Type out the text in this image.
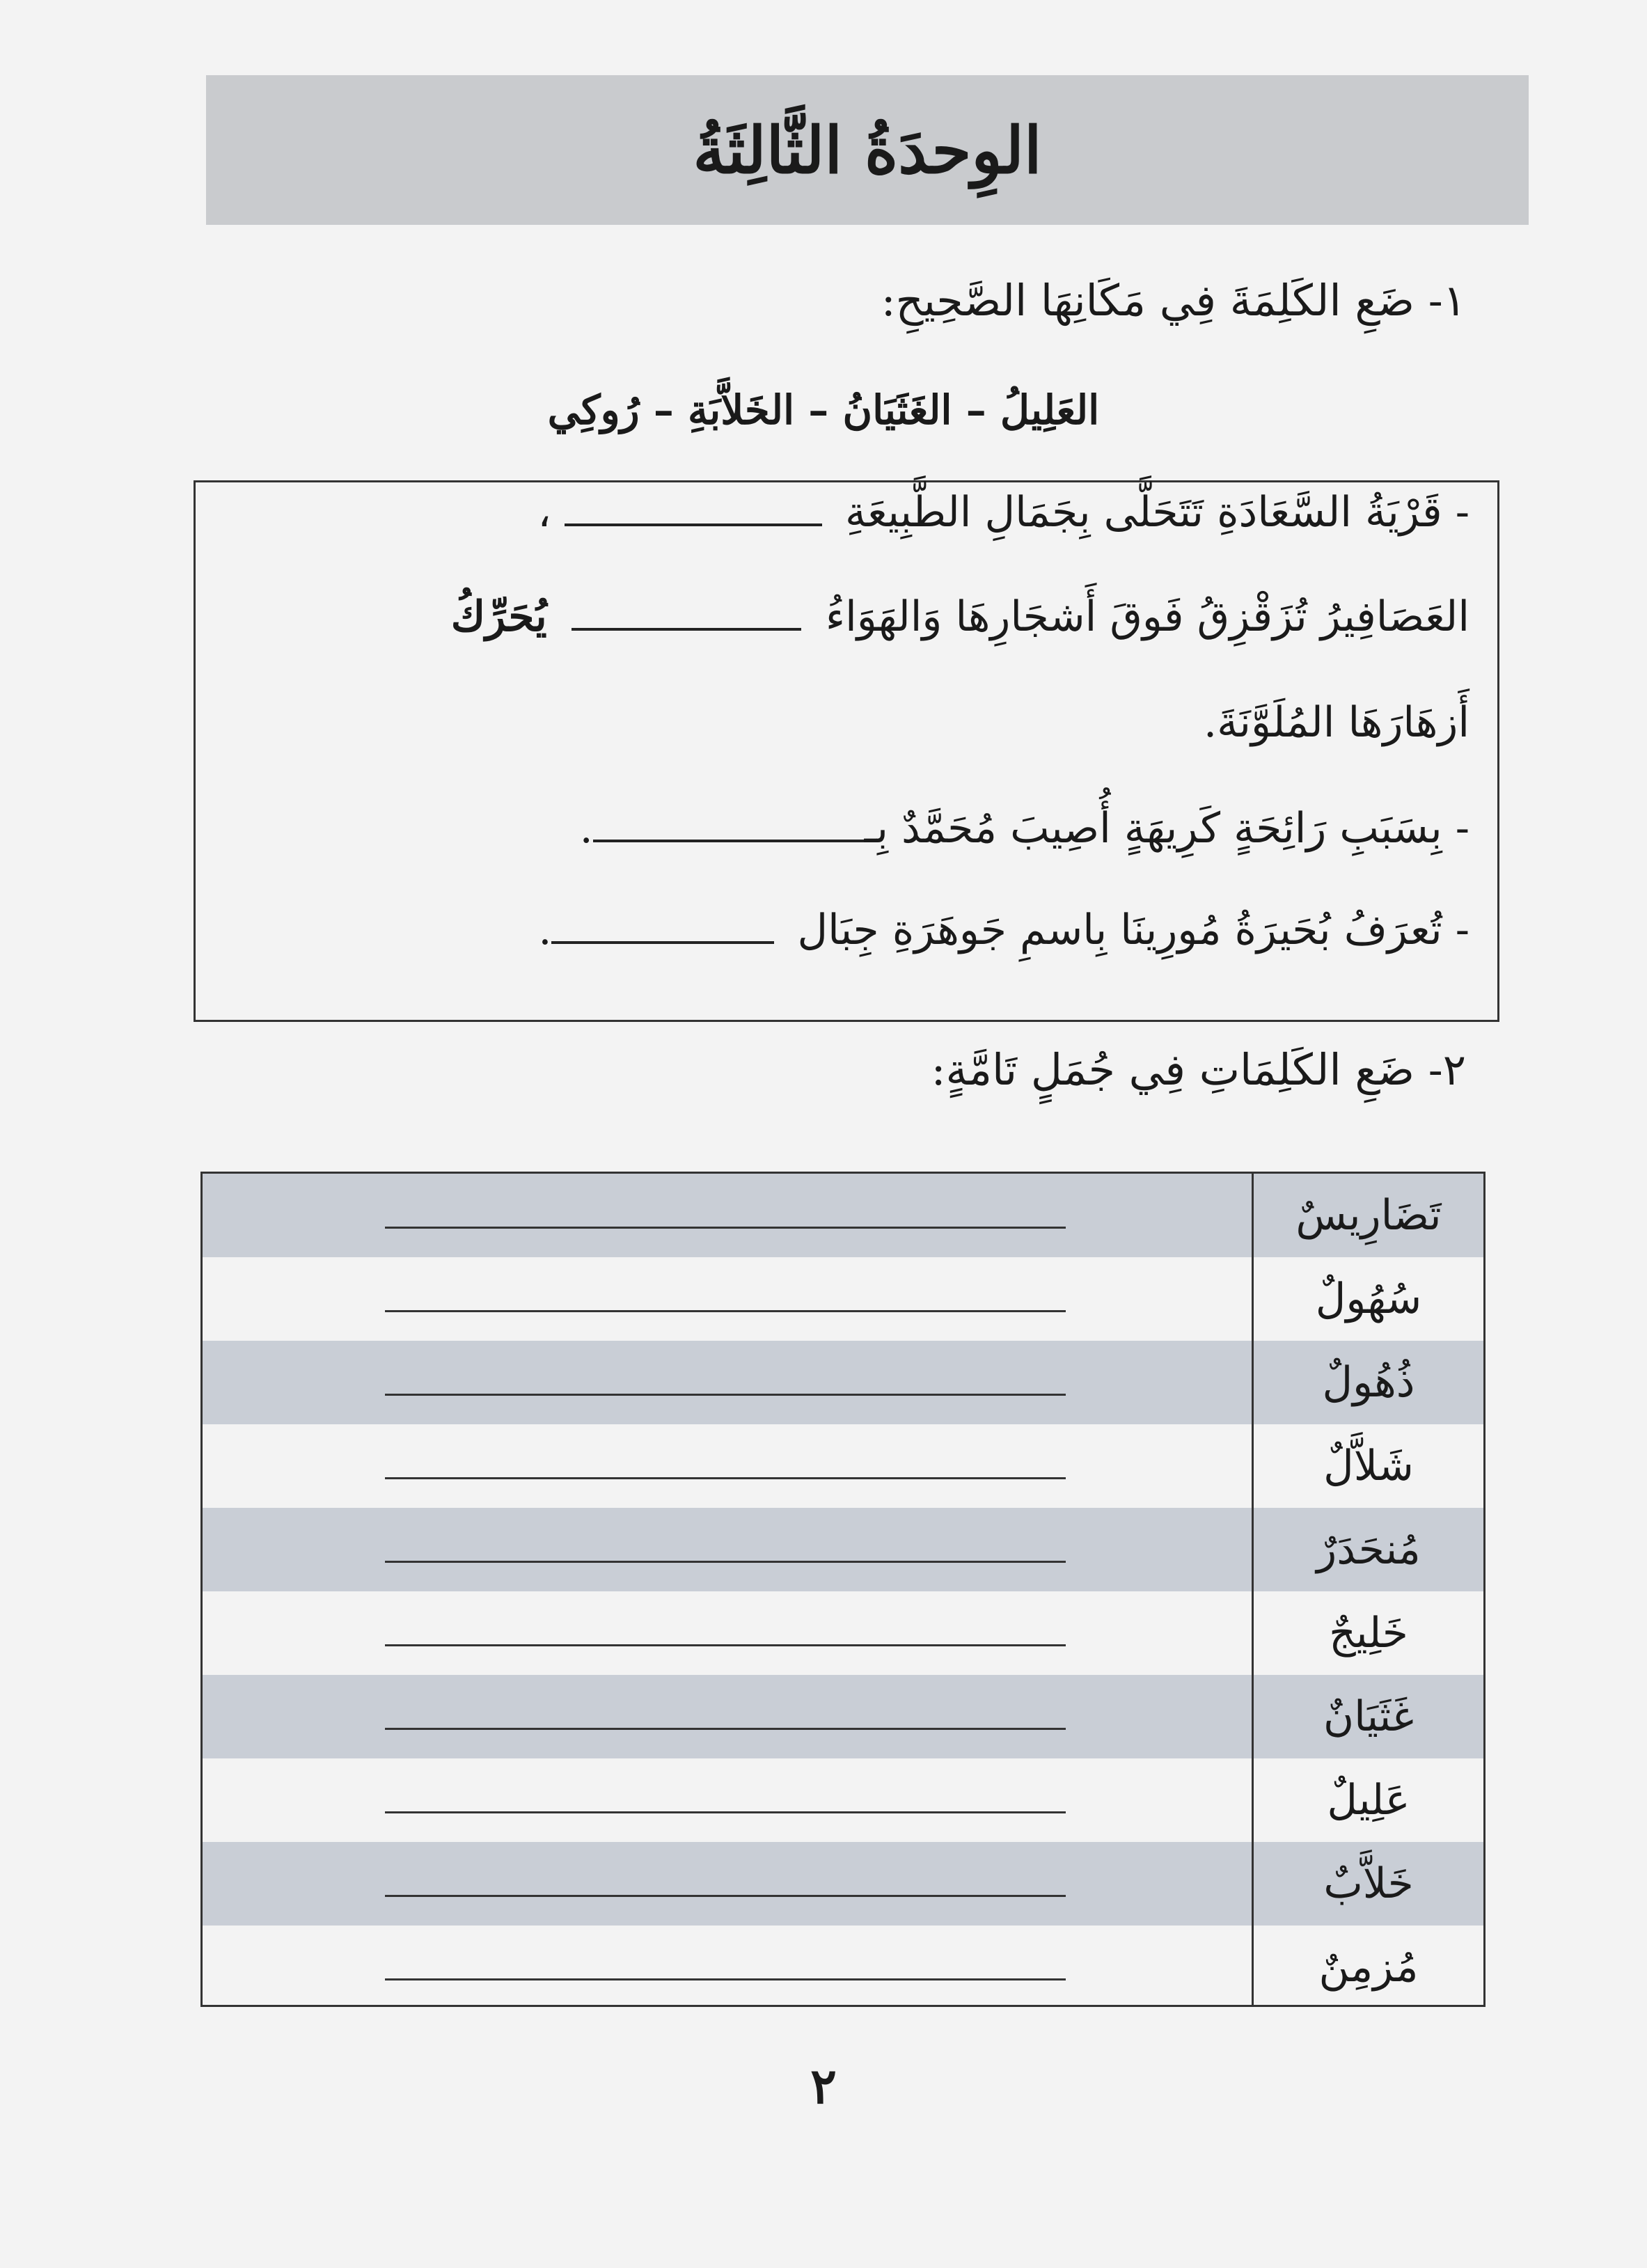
الوِحدَةُ الثَّالِثَةُ
١- ضَعِ الكَلِمَةَ فِي مَكَانِهَا الصَّحِيحِ:
العَلِيلُ – الغَثَيَانُ – الخَلاَّبَةِ – رُوكِي
- قَرْيَةُ السَّعَادَةِ تَتَحَلَّى بِجَمَالِ الطَّبِيعَةِ  ،
العَصَافِيرُ تُزَقْزِقُ فَوقَ أَشجَارِهَا وَالهَوَاءُ  يُحَرِّكُ
أَزهَارَهَا المُلَوَّنَةَ.
- بِسَبَبِ رَائِحَةٍ كَرِيهَةٍ أُصِيبَ مُحَمَّدٌ بِـ.
- تُعرَفُ بُحَيرَةُ مُورِينَا بِاسمِ جَوهَرَةِ جِبَال .
٢- ضَعِ الكَلِمَاتِ فِي جُمَلٍ تَامَّةٍ:
تَضَارِيسٌ
سُهُولٌ
ذُهُولٌ
شَلاَّلٌ
مُنحَدَرٌ
خَلِيجٌ
غَثَيَانٌ
عَلِيلٌ
خَلاَّبٌ
مُزمِنٌ
٢
